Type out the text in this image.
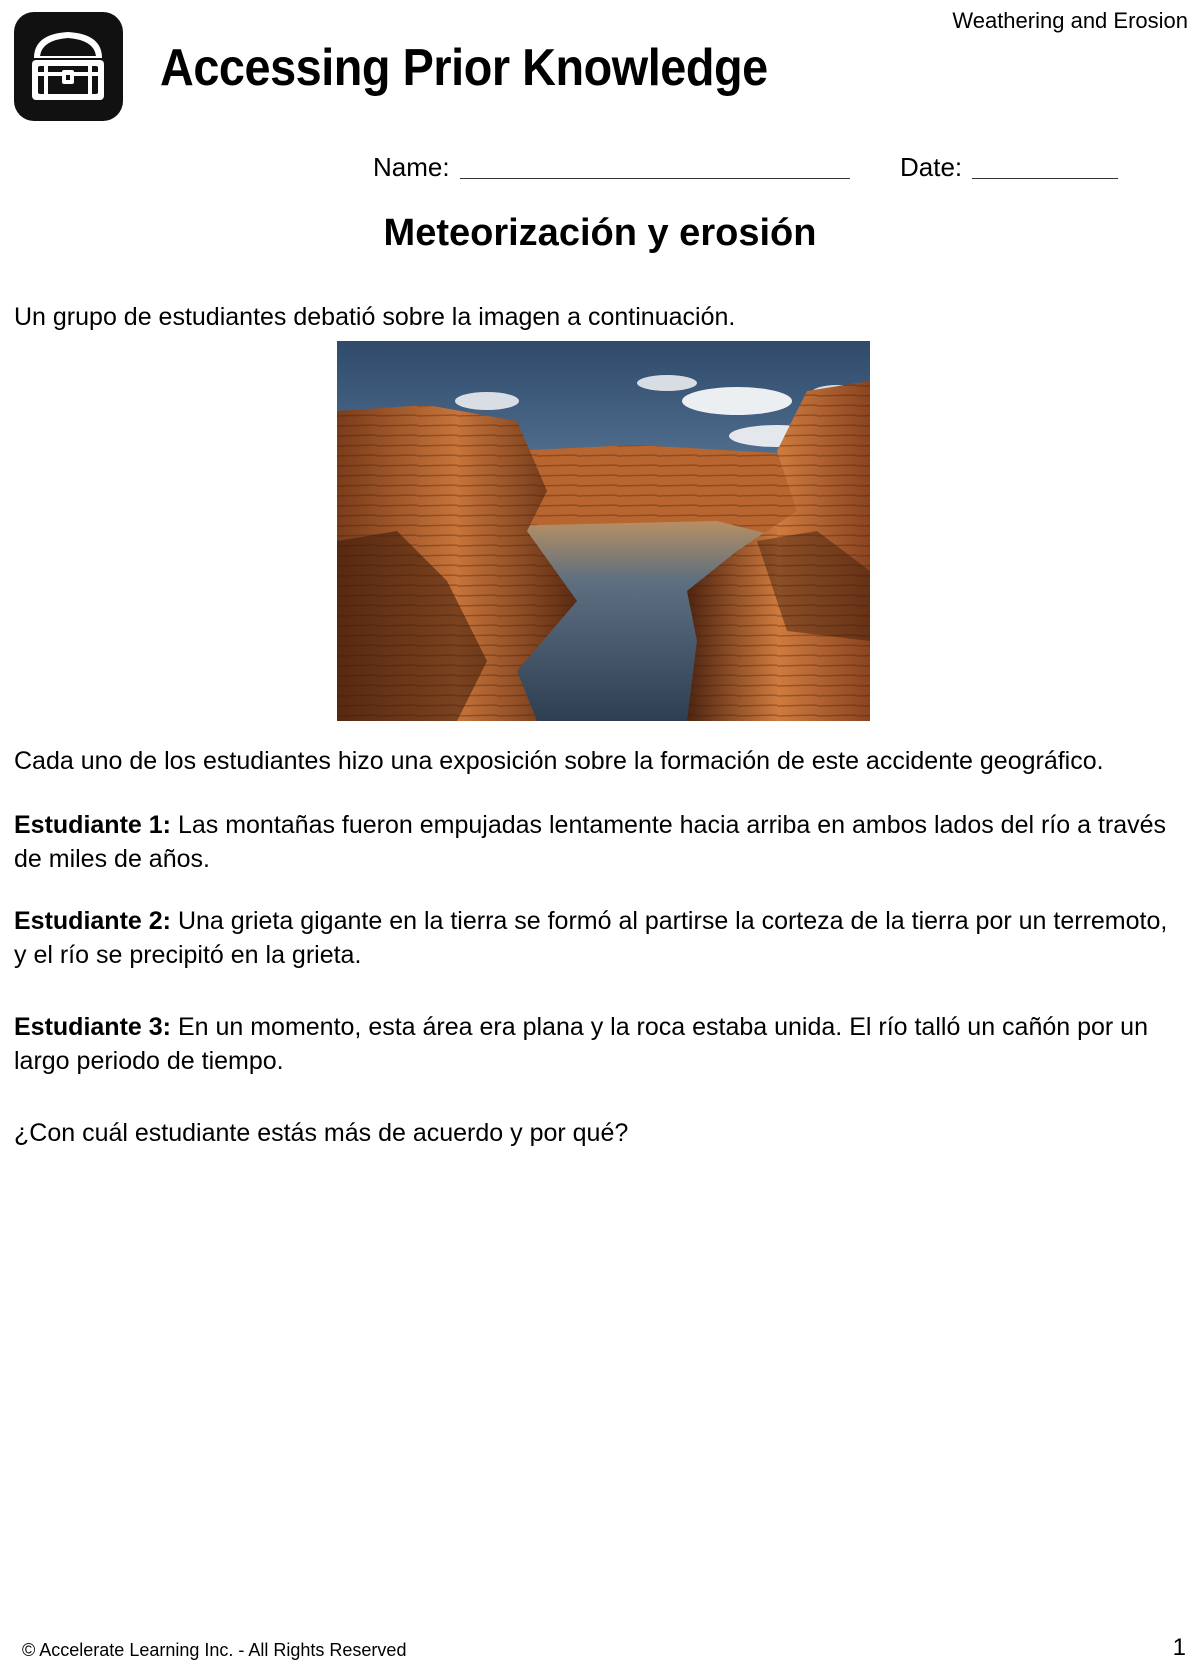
Accessing Prior Knowledge
Weathering and Erosion
Name:	Date:
Meteorización y erosión
Un grupo de estudiantes debatió sobre la imagen a continuación.
Cada uno de los estudiantes hizo una exposición sobre la formación de este accidente geográfico.
Estudiante 1: Las montañas fueron empujadas lentamente hacia arriba en ambos lados del río a través de miles de años.
Estudiante 2: Una grieta gigante en la tierra se formó al partirse la corteza de la tierra por un terremoto, y el río se precipitó en la grieta.
Estudiante 3: En un momento, esta área era plana y la roca estaba unida. El río talló un cañón por un largo periodo de tiempo.
¿Con cuál estudiante estás más de acuerdo y por qué?
© Accelerate Learning Inc. - All Rights Reserved	1
